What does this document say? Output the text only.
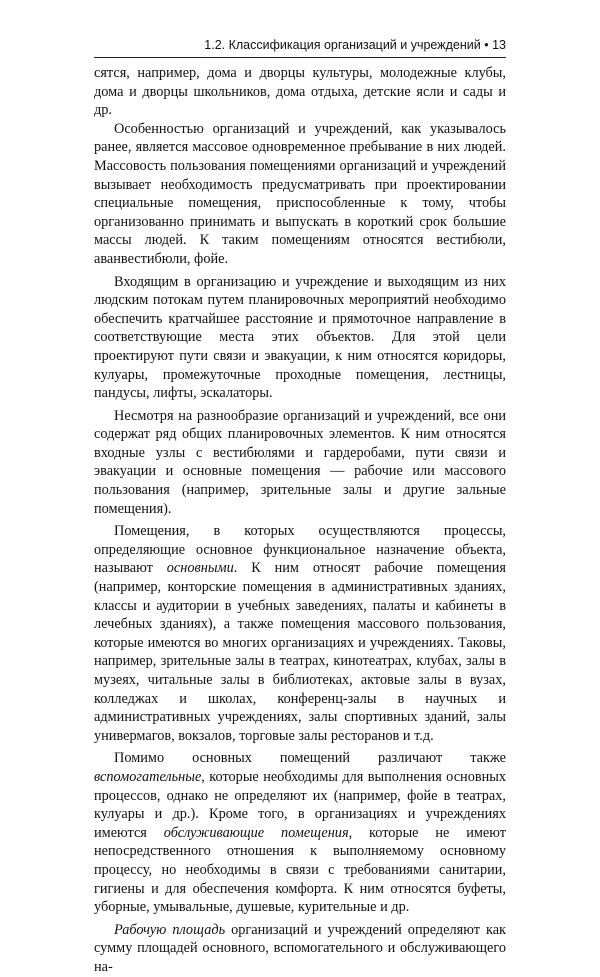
1.2. Классификация организаций и учреждений • 13

сятся, например, дома и дворцы культуры, молодежные клубы, дома и дворцы школьников, дома отдыха, детские ясли и сады и др.

Особенностью организаций и учреждений, как указывалось ранее, является массовое одновременное пребывание в них людей. Массовость пользования помещениями организаций и учреждений вызывает необходимость предусматривать при проектировании специальные помещения, приспособленные к тому, чтобы организованно принимать и выпускать в короткий срок большие массы людей. К таким помещениям относятся вестибюли, аванвестибюли, фойе.

Входящим в организацию и учреждение и выходящим из них людским потокам путем планировочных мероприятий необходимо обеспечить кратчайшее расстояние и прямоточное направление в соответствующие места этих объектов. Для этой цели проектируют пути связи и эвакуации, к ним относятся коридоры, кулуары, промежуточные проходные помещения, лестницы, пандусы, лифты, эскалаторы.

Несмотря на разнообразие организаций и учреждений, все они содержат ряд общих планировочных элементов. К ним относятся входные узлы с вестибюлями и гардеробами, пути связи и эвакуации и основные помещения — рабочие или массового пользования (например, зрительные залы и другие зальные помещения).

Помещения, в которых осуществляются процессы, определяющие основное функциональное назначение объекта, называют основными. К ним относят рабочие помещения (например, конторские помещения в административных зданиях, классы и аудитории в учебных заведениях, палаты и кабинеты в лечебных зданиях), а также помещения массового пользования, которые имеются во многих организациях и учреждениях. Таковы, например, зрительные залы в театрах, кинотеатрах, клубах, залы в музеях, читальные залы в библиотеках, актовые залы в вузах, колледжах и школах, конференц-залы в научных и административных учреждениях, залы спортивных зданий, залы универмагов, вокзалов, торговые залы ресторанов и т.д.

Помимо основных помещений различают также вспомогательные, которые необходимы для выполнения основных процессов, однако не определяют их (например, фойе в театрах, кулуары и др.). Кроме того, в организациях и учреждениях имеются обслуживающие помещения, которые не имеют непосредственного отношения к выполняемому основному процессу, но необходимы в связи с требованиями санитарии, гигиены и для обеспечения комфорта. К ним относятся буфеты, уборные, умывальные, душевые, курительные и др.

Рабочую площадь организаций и учреждений определяют как сумму площадей основного, вспомогательного и обслуживающего на-
